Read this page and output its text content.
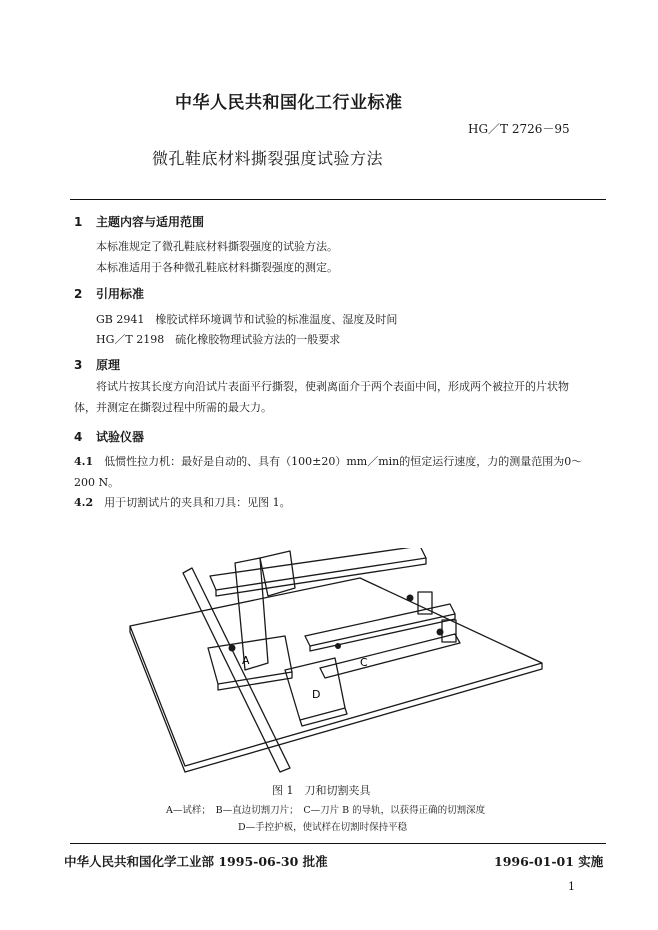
中华人民共和国化工行业标准
HG／T 2726－95
微孔鞋底材料撕裂强度试验方法
1 主题内容与适用范围
本标准规定了微孔鞋底材料撕裂强度的试验方法。
本标准适用于各种微孔鞋底材料撕裂强度的测定。
2 引用标准
GB 2941　 橡胶试样环境调节和试验的标准温度、湿度及时间
HG／T 2198　 硫化橡胶物理试验方法的一般要求
3 原理
将试片按其长度方向沿试片表面平行撕裂，使剥离面介于两个表面中间，形成两个被拉开的片状物体，并测定在撕裂过程中所需的最大力。
4 试验仪器
4.1　 低惯性拉力机：最好是自动的、具有（100±20）mm／min的恒定运行速度，力的测量范围为0～200 N。
4.2　 用于切割试片的夹具和刀具：见图 1。
A	C
D
图 1　刀和切割夹具
A—试样；　B—直边切割刀片；　C—刀片 B 的导轨，以获得正确的切割深度
D—手控护板，使试样在切割时保持平稳
中华人民共和国化学工业部 1995-06-30 批准	1996-01-01 实施
1
